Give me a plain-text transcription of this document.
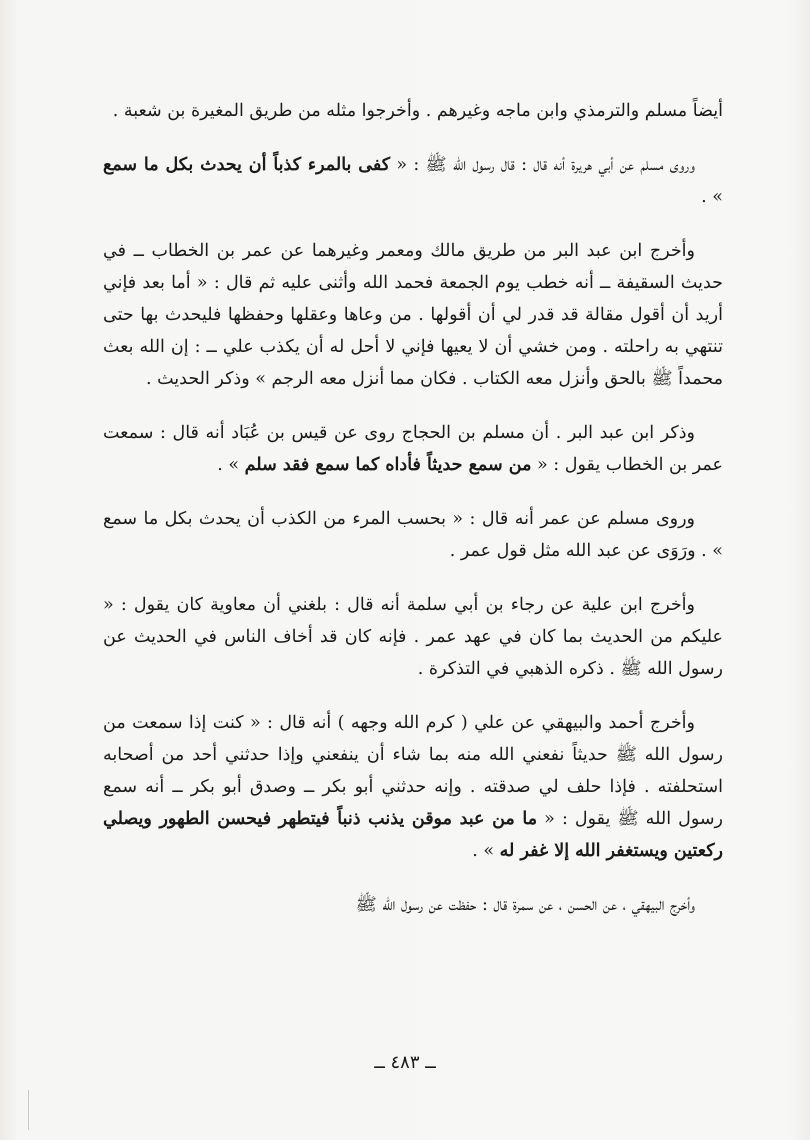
أيضاً مسلم والترمذي وابن ماجه وغيرهم . وأخرجوا مثله من طريق المغيرة بن شعبة .

وروى مسلم عن أبي هريرة أنه قال : قال رسول الله ﷺ : « كفى بالمرء كذباً أن يحدث بكل ما سمع » .

وأخرج ابن عبد البر من طريق مالك ومعمر وغيرهما عن عمر بن الخطاب ــ في حديث السقيفة ــ أنه خطب يوم الجمعة فحمد الله وأثنى عليه ثم قال : « أما بعد فإني أريد أن أقول مقالة قد قدر لي أن أقولها . من وعاها وعقلها وحفظها فليحدث بها حتى تنتهي به راحلته . ومن خشي أن لا يعيها فإني لا أحل له أن يكذب علي ــ : إن الله بعث محمداً ﷺ بالحق وأنزل معه الكتاب . فكان مما أنزل معه الرجم » وذكر الحديث .

وذكر ابن عبد البر . أن مسلم بن الحجاج روى عن قيس بن عُبَاد أنه قال : سمعت عمر بن الخطاب يقول : « من سمع حديثاً فأداه كما سمع فقد سلم » .

وروى مسلم عن عمر أنه قال : « بحسب المرء من الكذب أن يحدث بكل ما سمع » . ورَوَى عن عبد الله مثل قول عمر .

وأخرج ابن علية عن رجاء بن أبي سلمة أنه قال : بلغني أن معاوية كان يقول : « عليكم من الحديث بما كان في عهد عمر . فإنه كان قد أخاف الناس في الحديث عن رسول الله ﷺ . ذكره الذهبي في التذكرة .

وأخرج أحمد والبيهقي عن علي ( كرم الله وجهه ) أنه قال : « كنت إذا سمعت من رسول الله ﷺ حديثاً نفعني الله منه بما شاء أن ينفعني وإذا حدثني أحد من أصحابه استحلفته . فإذا حلف لي صدقته . وإنه حدثني أبو بكر ــ وصدق أبو بكر ــ أنه سمع رسول الله ﷺ يقول : « ما من عبد موقن يذنب ذنباً فيتطهر فيحسن الطهور ويصلي ركعتين ويستغفر الله إلا غفر له » .

وأخرج البيهقي ، عن الحسن ، عن سمرة قال : حفظت عن رسول الله ﷺ

ــ ٤٨٣ ــ
